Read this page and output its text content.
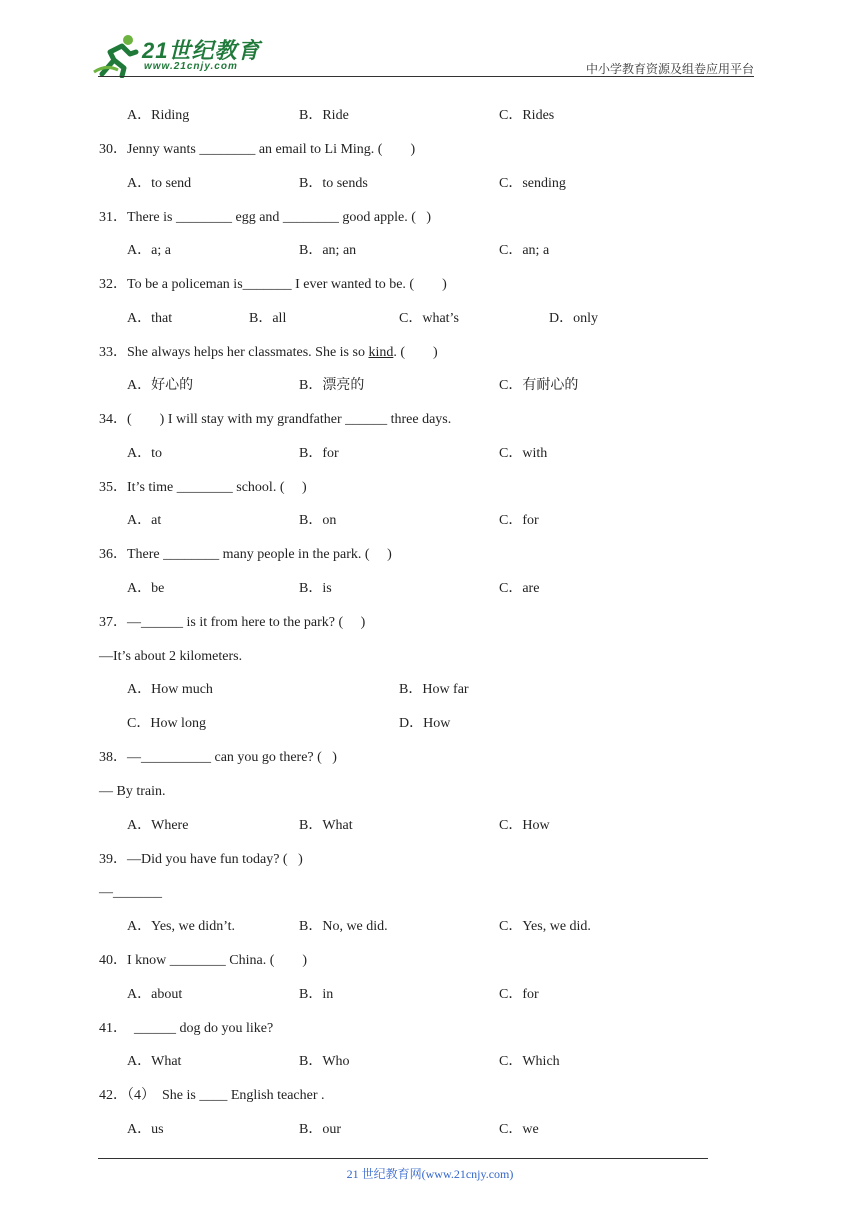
21世纪教育
www.21cnjy.com	中小学教育资源及组卷应用平台
A．Riding	B．Ride	C．Rides
30．Jenny wants ________ an email to Li Ming. (        )
A．to send	B．to sends	C．sending
31．There is ________ egg and ________ good apple. (   )
A．a; a	B．an; an	C．an; a
32．To be a policeman is_______ I ever wanted to be. (        )
A．that	B．all	C．what’s	D．only
33．She always helps her classmates. She is so kind. (        )
A．好心的	B．漂亮的	C．有耐心的
34．(        ) I will stay with my grandfather ______ three days.
A．to	B．for	C．with
35．It’s time ________ school. (     )
A．at	B．on	C．for
36．There ________ many people in the park. (     )
A．be	B．is	C．are
37．—______ is it from here to the park? (     )
—It’s about 2 kilometers.
A．How much	B．How far
C．How long	D．How
38．—__________ can you go there? (   )
— By train.
A．Where	B．What	C．How
39．—Did you have fun today? (   )
—_______
A．Yes, we didn’t.	B．No, we did.	C．Yes, we did.
40．I know ________ China. (        )
A．about	B．in	C．for
41．  ______ dog do you like?
A．What	B．Who	C．Which
42．（4）  She is ____ English teacher .
A．us	B．our	C．we
21 世纪教育网(www.21cnjy.com)
